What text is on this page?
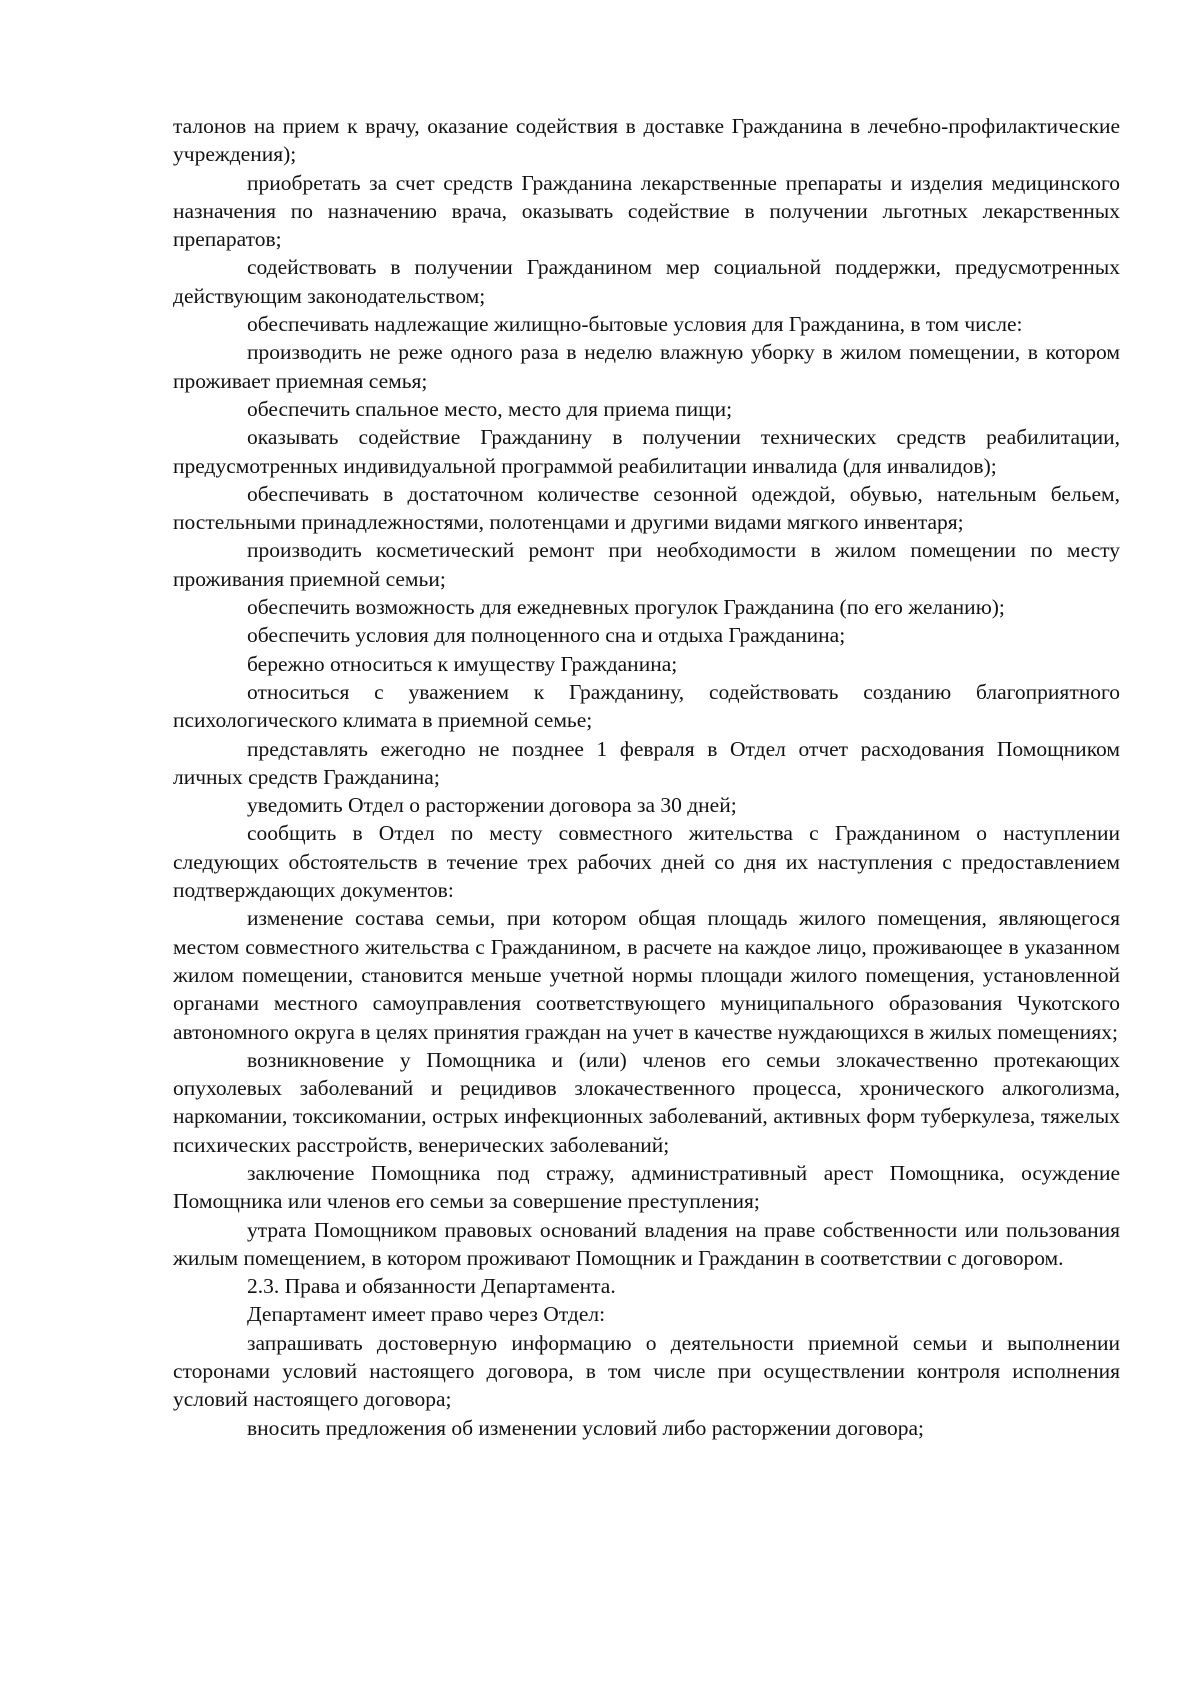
талонов на прием к врачу, оказание содействия в доставке Гражданина в лечебно-профилактические учреждения);

приобретать за счет средств Гражданина лекарственные препараты и изделия медицинского назначения по назначению врача, оказывать содействие в получении льготных лекарственных препаратов;

содействовать в получении Гражданином мер социальной поддержки, предусмотренных действующим законодательством;

обеспечивать надлежащие жилищно-бытовые условия для Гражданина, в том числе:

производить не реже одного раза в неделю влажную уборку в жилом помещении, в котором проживает приемная семья;

обеспечить спальное место, место для приема пищи;

оказывать содействие Гражданину в получении технических средств реабилитации, предусмотренных индивидуальной программой реабилитации инвалида (для инвалидов);

обеспечивать в достаточном количестве сезонной одеждой, обувью, нательным бельем, постельными принадлежностями, полотенцами и другими видами мягкого инвентаря;

производить косметический ремонт при необходимости в жилом помещении по месту проживания приемной семьи;

обеспечить возможность для ежедневных прогулок Гражданина (по его желанию);

обеспечить условия для полноценного сна и отдыха Гражданина;

бережно относиться к имуществу Гражданина;

относиться с уважением к Гражданину, содействовать созданию благоприятного психологического климата в приемной семье;

представлять ежегодно не позднее 1 февраля в Отдел отчет расходования Помощником личных средств Гражданина;

уведомить Отдел о расторжении договора за 30 дней;

сообщить в Отдел по месту совместного жительства с Гражданином о наступлении следующих обстоятельств в течение трех рабочих дней со дня их наступления с предоставлением подтверждающих документов:

изменение состава семьи, при котором общая площадь жилого помещения, являющегося местом совместного жительства с Гражданином, в расчете на каждое лицо, проживающее в указанном жилом помещении, становится меньше учетной нормы площади жилого помещения, установленной органами местного самоуправления соответствующего муниципального образования Чукотского автономного округа в целях принятия граждан на учет в качестве нуждающихся в жилых помещениях;

возникновение у Помощника и (или) членов его семьи злокачественно протекающих опухолевых заболеваний и рецидивов злокачественного процесса, хронического алкоголизма, наркомании, токсикомании, острых инфекционных заболеваний, активных форм туберкулеза, тяжелых психических расстройств, венерических заболеваний;

заключение Помощника под стражу, административный арест Помощника, осуждение Помощника или членов его семьи за совершение преступления;

утрата Помощником правовых оснований владения на праве собственности или пользования жилым помещением, в котором проживают Помощник и Гражданин в соответствии с договором.

2.3. Права и обязанности Департамента.

Департамент имеет право через Отдел:

запрашивать достоверную информацию о деятельности приемной семьи и выполнении сторонами условий настоящего договора, в том числе при осуществлении контроля исполнения условий настоящего договора;

вносить предложения об изменении условий либо расторжении договора;
